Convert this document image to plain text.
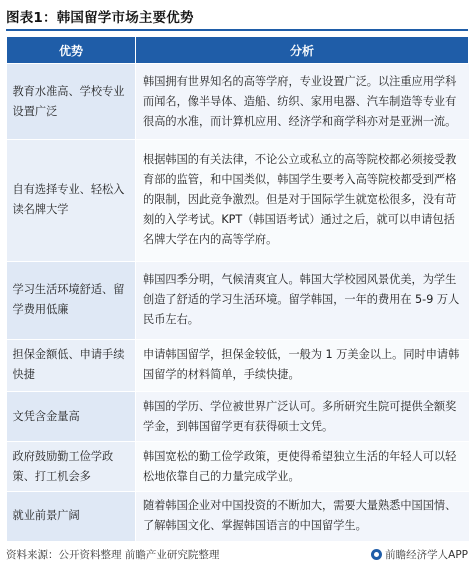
图表1：韩国留学市场主要优势
优势	分析
教育水准高、学校专业设置广泛	韩国拥有世界知名的高等学府，专业设置广泛。以注重应用学科而闻名，像半导体、造船、纺织、家用电器、汽车制造等专业有很高的水准，而计算机应用、经济学和商学科亦对是亚洲一流。
自有选择专业、轻松入读名牌大学	根据韩国的有关法律，不论公立或私立的高等院校都必须接受教育部的监管，和中国类似，韩国学生要考入高等院校都受到严格的限制，因此竞争激烈。但是对于国际学生就宽松很多，没有苛刻的入学考试。KPT（韩国语考试）通过之后，就可以申请包括名牌大学在内的高等学府。
学习生活环境舒适、留学费用低廉	韩国四季分明，气候清爽宜人。韩国大学校园风景优美，为学生创造了舒适的学习生活环境。留学韩国，一年的费用在 5-9 万人民币左右。
担保金额低、申请手续快捷	申请韩国留学，担保金较低，一般为 1 万美金以上。同时申请韩国留学的材料简单，手续快捷。
文凭含金量高	韩国的学历、学位被世界广泛认可。多所研究生院可提供全额奖学金，到韩国留学更有获得硕士文凭。
政府鼓励勤工俭学政策、打工机会多	韩国宽松的勤工俭学政策，更使得希望独立生活的年轻人可以轻松地依靠自己的力量完成学业。
就业前景广阔	随着韩国企业对中国投资的不断加大，需要大量熟悉中国国情、了解韩国文化、掌握韩国语言的中国留学生。
资料来源：公开资料整理 前瞻产业研究院整理	前瞻经济学人APP
